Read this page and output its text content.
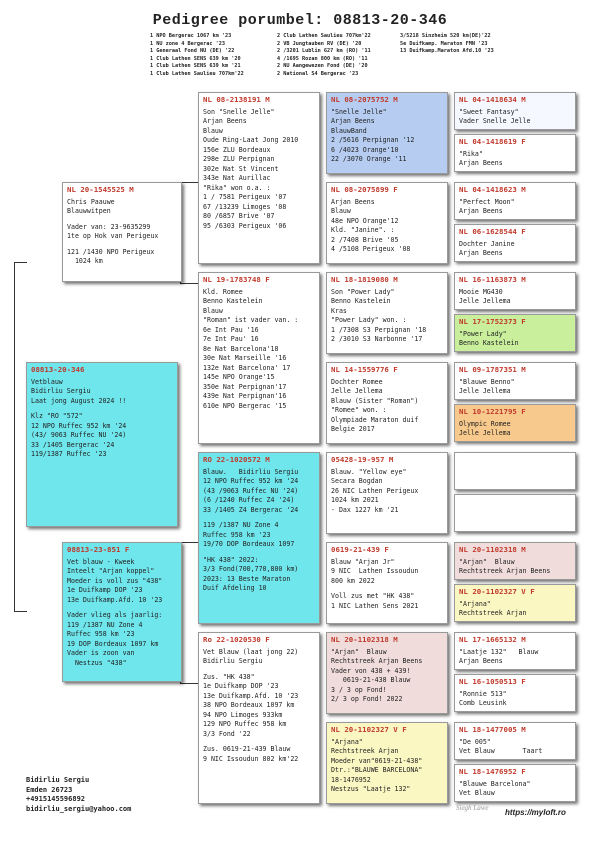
Pedigree porumbel: 08813-20-346
1 NPO Bergerac 1067 km '23
1 NU zone 4 Bergerac '23
1 Generaal Fond NU (DE) '22
1 Club Lathen SENS 639 km '20
1 Club Lathen SENS 639 km '21
1 Club Lathen Saulieu 707km'22
2 Club Lathen Saulieu 707km'22
2 VB Jungtauben RV (DE) '20
2 /3201 Lublin 627 km (RO) '11
4 /1695 Rozan 800 km (RO) '11
2 NU Aangewezen Fond (DE) '20
2 National S4 Bergerac '23
3/5218 Sinzheim 520 km(DE)'22
5e Duifkamp. Maraton FMN '23
13 Duifkamp.Maraton Afd.10 '23
08813-20-346
Vetblauw
Bidirliu Sergiu
Laat jong August 2024 !!
Klz "RO "572"
12 NPO Ruffec 952 km '24
(43/ 9063 Ruffec NU '24)
33 /1405 Bergerac '24
119/1387 Ruffec '23
NL 20-1545525 M
Chris Paauwe
Blauwwitpen
Vader van: 23-9635299
1te op Hok van Perigeux
121 /1430 NPO Perigeux
1024 km
08813-23-851 F
Vet blauw - Kweek
Inteelt "Arjan koppel"
Moeder is voll zus "438"
1e Duifkamp DOP '23
13e Duifkamp.Afd. 10 '23
Vader vlieg als jaarlig:
119 /1387 NU Zone 4
Ruffec 958 km '23
19 DOP Bordeaux 1097 km
Vader is zoon van
Nestzus "438"
NL 08-2138191 M
Son "Snelle Jelle"
Arjan Beens
Blauw
Oude Ring-Laat Jong 2010
156e ZLU Bordeaux
298e ZLU Perpignan
302e Nat St Vincent
343e Nat Aurillac
"Rika" won o.a. :
1 / 7581 Perigeux '07
67 /13239 Limoges '08
80 /6857 Brive '07
95 /6303 Perigeux '06
NL 19-1783748 F
Kld. Romee
Benno Kastelein
Blauw
"Roman" ist vader van. :
6e Int Pau '16
7e Int Pau' 16
8e Nat Barcelona'18
30e Nat Marseille '16
132e Nat Barcelona' 17
145e NPO Orange'15
350e Nat Perpignan'17
439e Nat Perpignan'16
610e NPO Bergerac '15
RO 22-1020572 M
Blauw.   Bidirliu Sergiu
12 NPO Ruffec 952 km '24
(43 /9063 Ruffec NU '24)
(6 /1240 Ruffec Z4 '24)
33 /1405 Z4 Bergerac '24
119 /1387 NU Zone 4
Ruffec 958 km '23
19/70 DOP Bordeaux 1097
"HK 438" 2022:
3/3 Fond(700,770,800 km)
2023: 13 Beste Maraton
Duif Afdeling 10
Ro 22-1020530 F
Vet Blauw (laat jong 22)
Bidirliu Sergiu
Zus. "HK 438"
1e Duifkamp DOP '23
13e Duifkamp.Afd. 10 '23
38 NPO Bordeaux 1097 km
94 NPO Limoges 933km
129 NPO Ruffec 958 km
3/3 Fond '22
Zus. 0619-21-439 Blauw
9 NIC Issoudun 802 km'22
NL 08-2075752 M
"Snelle Jelle"
Arjan Beens
BlauwBand
2 /5616 Perpignan '12
6 /4023 Orange'10
22 /3070 Orange '11
NL 08-2075899 F
Arjan Beens
Blauw
48e NPO Orange'12
Kld. "Janine". :
2 /7408 Brive '05
4 /5108 Perigeux '08
NL 18-1819080 M
Son "Power Lady"
Benno Kastelein
Kras
"Power Lady" won. :
1 /7308 S3 Perpignan '18
2 /3010 S3 Narbonne '17
NL 14-1559776 F
Dochter Romee
Jelle Jellema
Blauw (Sister "Roman")
"Romee" won. :
Olympiade Maraton duif
Belgie 2017
05428-19-957 M
Blauw. "Yellow eye"
Secara Bogdan
26 NIC Lathen Perigeux
1024 km 2021
- Dax 1227 km '21
0619-21-439 F
Blauw "Arjan Jr"
9 NIC  Lathen Issoudun
800 km 2022
Voll zus met "HK 438"
1 NIC Lathen Sens 2021
NL 20-1102318 M
"Arjan"  Blauw
Rechtstreek Arjan Beens
Vader von 438 + 439!
0619-21-438 Blauw
3 / 3 op Fond!
2/ 3 op Fond! 2022
NL 20-1102327 V F
"Arjana"
Rechtstreek Arjan
Moeder van"0619-21-438"
Dtr.:"BLAUWE BARCELONA"
18-1476952
Nestzus "Laatje 132"
NL 04-1418634 M
"Sweet Fantasy"
Vader Snelle Jelle
NL 04-1418619 F
"Rika"
Arjan Beens
NL 04-1418623 M
"Perfect Moon"
Arjan Beens
NL 06-1628544 F
Dochter Janine
Arjan Beens
NL 16-1163873 M
Mooie MG430
Jelle Jellema
NL 17-1752373 F
"Power Lady"
Benno Kastelein
NL 09-1787351 M
"Blauwe Benno"
Jelle Jellema
NL 10-1221795 F
Olympic Romee
Jelle Jellema
NL 20-1102318 M
"Arjan"  Blauw
Rechtstreek Arjan Beens
NL 20-1102327 V F
"Arjana"
Rechtstreek Arjan
NL 17-1665132 M
"Laatje 132"   Blauw
Arjan Beens
NL 16-1050513 F
"Ronnie 513"
Comb Leusink
NL 18-1477005 M
"De 005"
Vet Blauw       Taart
NL 18-1476952 F
"Blauwe Barcelona"
Vet Blauw
Bidirliu Sergiu
Emden 26723
+4915145596892
bidirliu_sergiu@yahoo.com	Siegh Lawe https://myloft.ro
